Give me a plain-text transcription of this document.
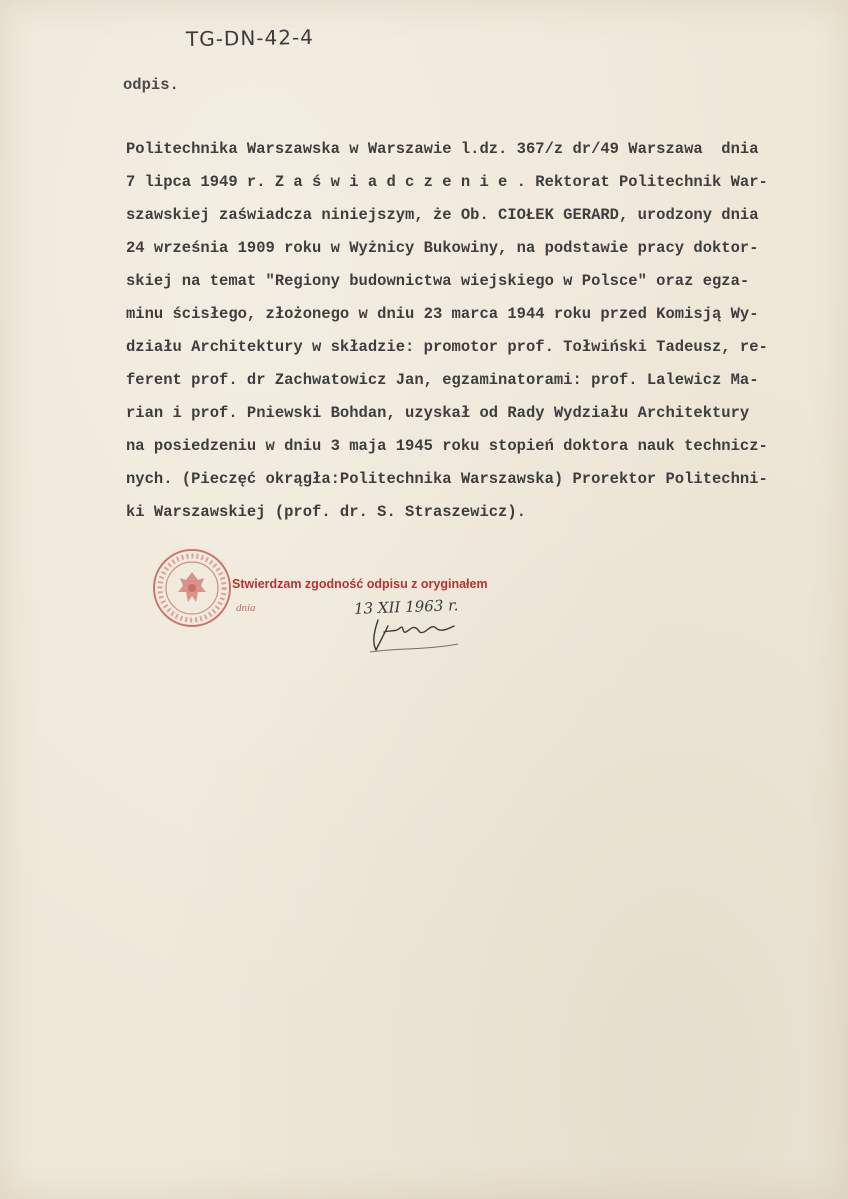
TG-DN-42-4
odpis.
Politechnika Warszawska w Warszawie l.dz. 367/z dr/49 Warszawa  dnia
7 lipca 1949 r. Z a ś w i a d c z e n i e . Rektorat Politechnik War-
szawskiej zaświadcza niniejszym, że Ob. CIOŁEK GERARD, urodzony dnia
24 września 1909 roku w Wyżnicy Bukowiny, na podstawie pracy doktor-
skiej na temat "Regiony budownictwa wiejskiego w Polsce" oraz egza-
minu ścisłego, złożonego w dniu 23 marca 1944 roku przed Komisją Wy-
działu Architektury w składzie: promotor prof. Tołwiński Tadeusz, re-
ferent prof. dr Zachwatowicz Jan, egzaminatorami: prof. Lalewicz Ma-
rian i prof. Pniewski Bohdan, uzyskał od Rady Wydziału Architektury
na posiedzeniu w dniu 3 maja 1945 roku stopień doktora nauk technicz-
nych. (Pieczęć okrągła:Politechnika Warszawska) Prorektor Politechni-
ki Warszawskiej (prof. dr. S. Straszewicz).
Stwierdzam zgodność odpisu z oryginałem
dnia	13 XII 1963 r.
